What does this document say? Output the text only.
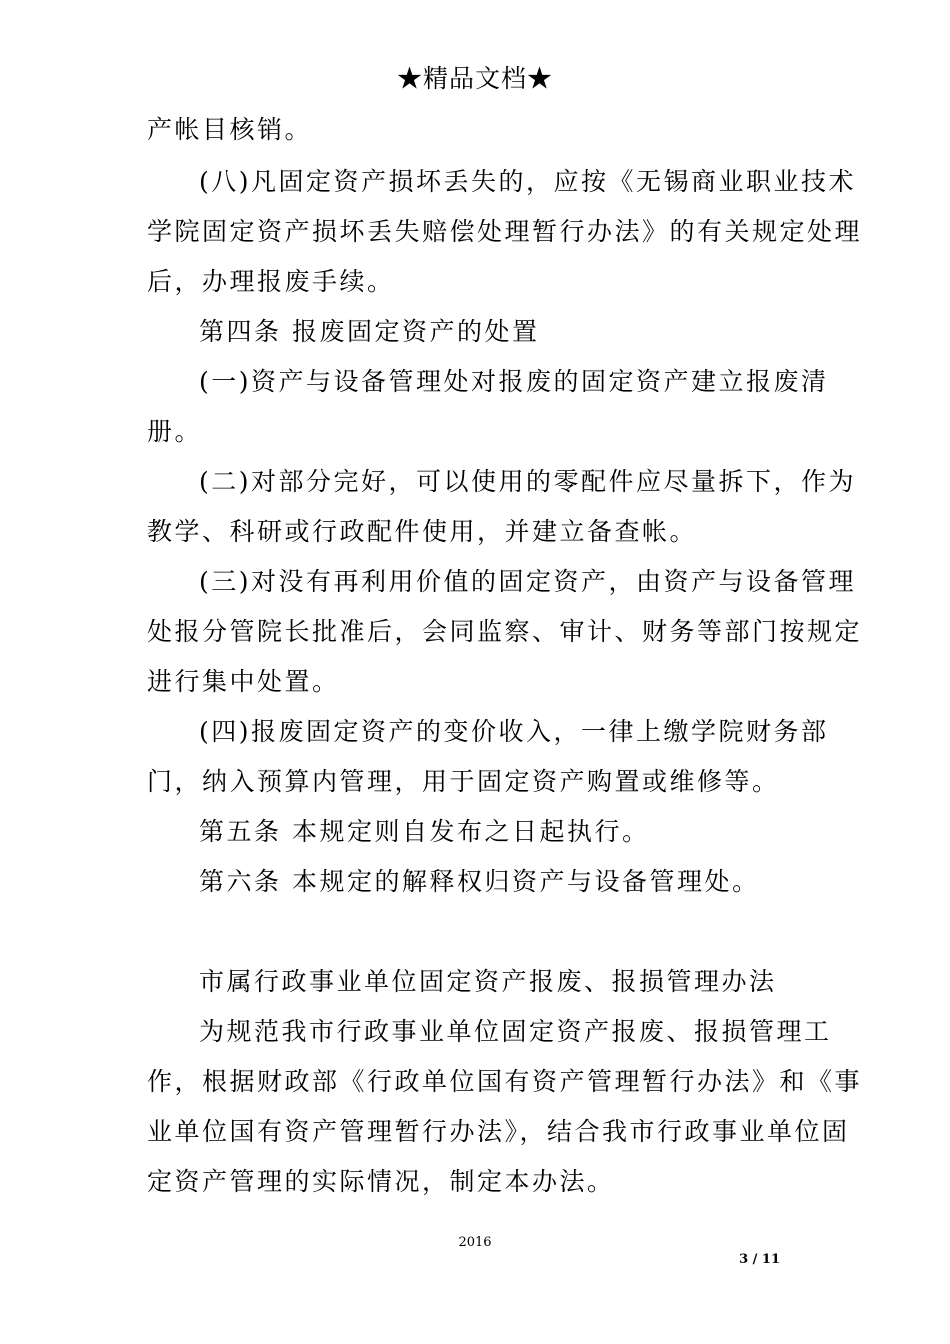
★精品文档★
产帐目核销。
(八)凡固定资产损坏丢失的，应按《无锡商业职业技术
学院固定资产损坏丢失赔偿处理暂行办法》的有关规定处理
后，办理报废手续。
第四条 报废固定资产的处置
(一)资产与设备管理处对报废的固定资产建立报废清
册。
(二)对部分完好，可以使用的零配件应尽量拆下，作为
教学、科研或行政配件使用，并建立备查帐。
(三)对没有再利用价值的固定资产，由资产与设备管理
处报分管院长批准后，会同监察、审计、财务等部门按规定
进行集中处置。
(四)报废固定资产的变价收入，一律上缴学院财务部
门，纳入预算内管理，用于固定资产购置或维修等。
第五条 本规定则自发布之日起执行。
第六条 本规定的解释权归资产与设备管理处。
市属行政事业单位固定资产报废、报损管理办法
为规范我市行政事业单位固定资产报废、报损管理工
作，根据财政部《行政单位国有资产管理暂行办法》和《事
业单位国有资产管理暂行办法》，结合我市行政事业单位固
定资产管理的实际情况，制定本办法。
2016
3 / 11
